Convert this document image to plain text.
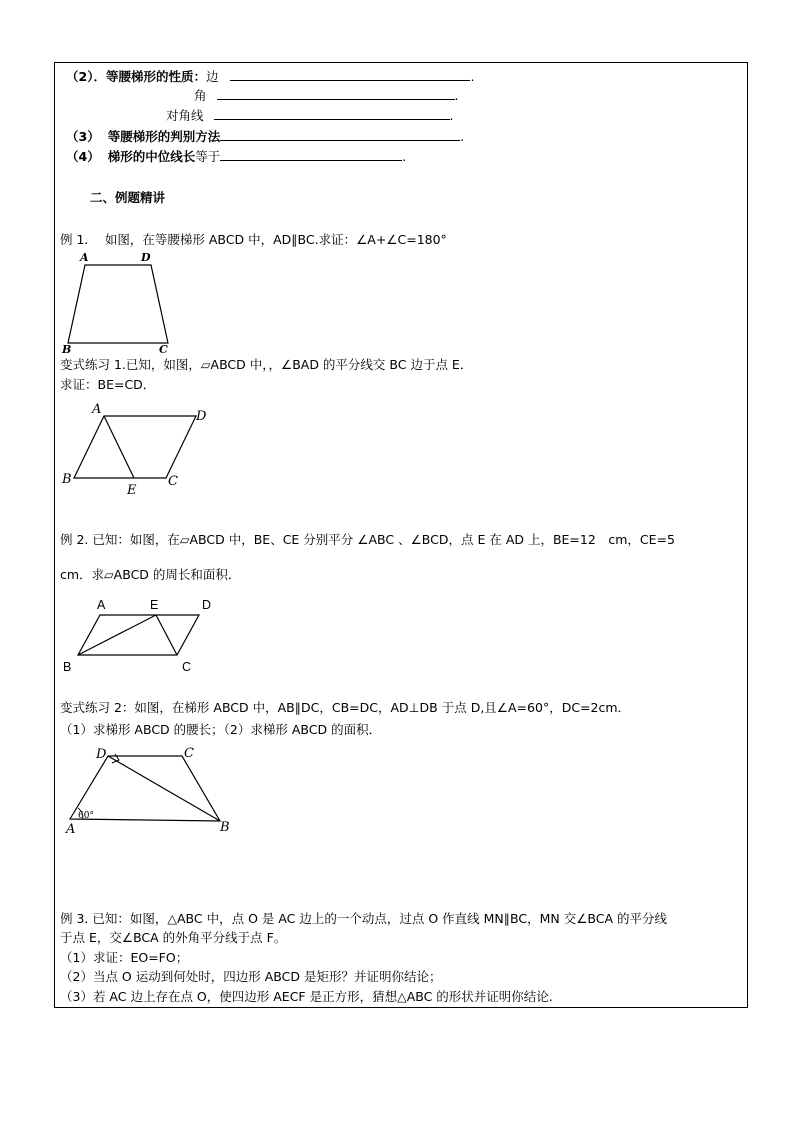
（2）．等腰梯形的性质：边	.
角	.
对角线	.
（3） 等腰梯形的判别方法	.
（4） 梯形的中位线长等于	.
二、例题精讲
例 1.　 如图，在等腰梯形 ABCD 中，AD∥BC.求证：∠A+∠C=180°
A	D
B	C
变式练习 1.已知，如图，▱ABCD 中，，∠BAD 的平分线交 BC 边于点 E．
求证：BE=CD．
A	D
B	C
E
例 2. 已知：如图，在▱ABCD 中，BE、CE 分别平分 ∠ABC 、∠BCD，点 E 在 AD 上，BE=12　cm，CE=5
cm．求▱ABCD 的周长和面积．
A	E	D
B	C
变式练习 2：如图，在梯形 ABCD 中，AB∥DC，CB=DC，AD⊥DB 于点 D,且∠A=60°，DC=2cm．
（1）求梯形 ABCD 的腰长；（2）求梯形 ABCD 的面积．
D	C
A	B
60°
例 3. 已知：如图，△ABC 中，点 O 是 AC 边上的一个动点，过点 O 作直线 MN∥BC，MN 交∠BCA 的平分线
于点 E，交∠BCA 的外角平分线于点 F。
（1）求证：EO=FO；
（2）当点 O 运动到何处时，四边形 ABCD 是矩形？并证明你结论；
（3）若 AC 边上存在点 O，使四边形 AECF 是正方形，猜想△ABC 的形状并证明你结论.
